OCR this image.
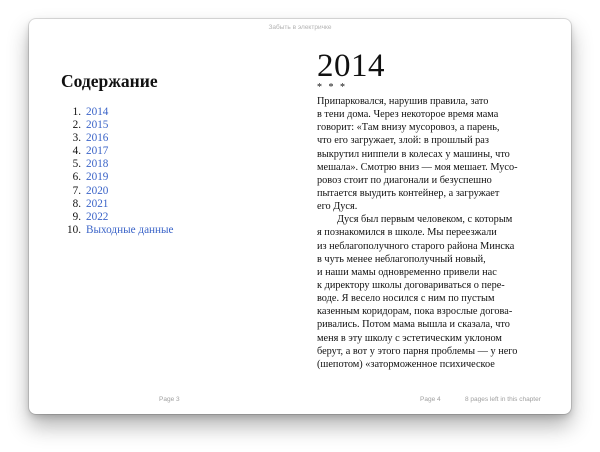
Забыть в электричке
Содержание
1. 2014
2. 2015
3. 2016
4. 2017
5. 2018
6. 2019
7. 2020
8. 2021
9. 2022
10. Выходные данные
2014
* * *
Припарковался, нарушив правила, зато
в тени дома. Через некоторое время мама
говорит: «Там внизу мусоровоз, а парень,
что его загружает, злой: в прошлый раз
выкрутил ниппели в колесах у машины, что
мешала». Смотрю вниз — моя мешает. Мусо-
ровоз стоит по диагонали и безуспешно
пытается выудить контейнер, а загружает
его Дуся.
Дуся был первым человеком, с которым
я познакомился в школе. Мы переезжали
из неблагополучного старого района Минска
в чуть менее неблагополучный новый,
и наши мамы одновременно привели нас
к директору школы договариваться о пере-
воде. Я весело носился с ним по пустым
казенным коридорам, пока взрослые догова-
ривались. Потом мама вышла и сказала, что
меня в эту школу с эстетическим уклоном
берут, а вот у этого парня проблемы — у него
(шепотом) «заторможенное психическое
Page 3	Page 4	8 pages left in this chapter
